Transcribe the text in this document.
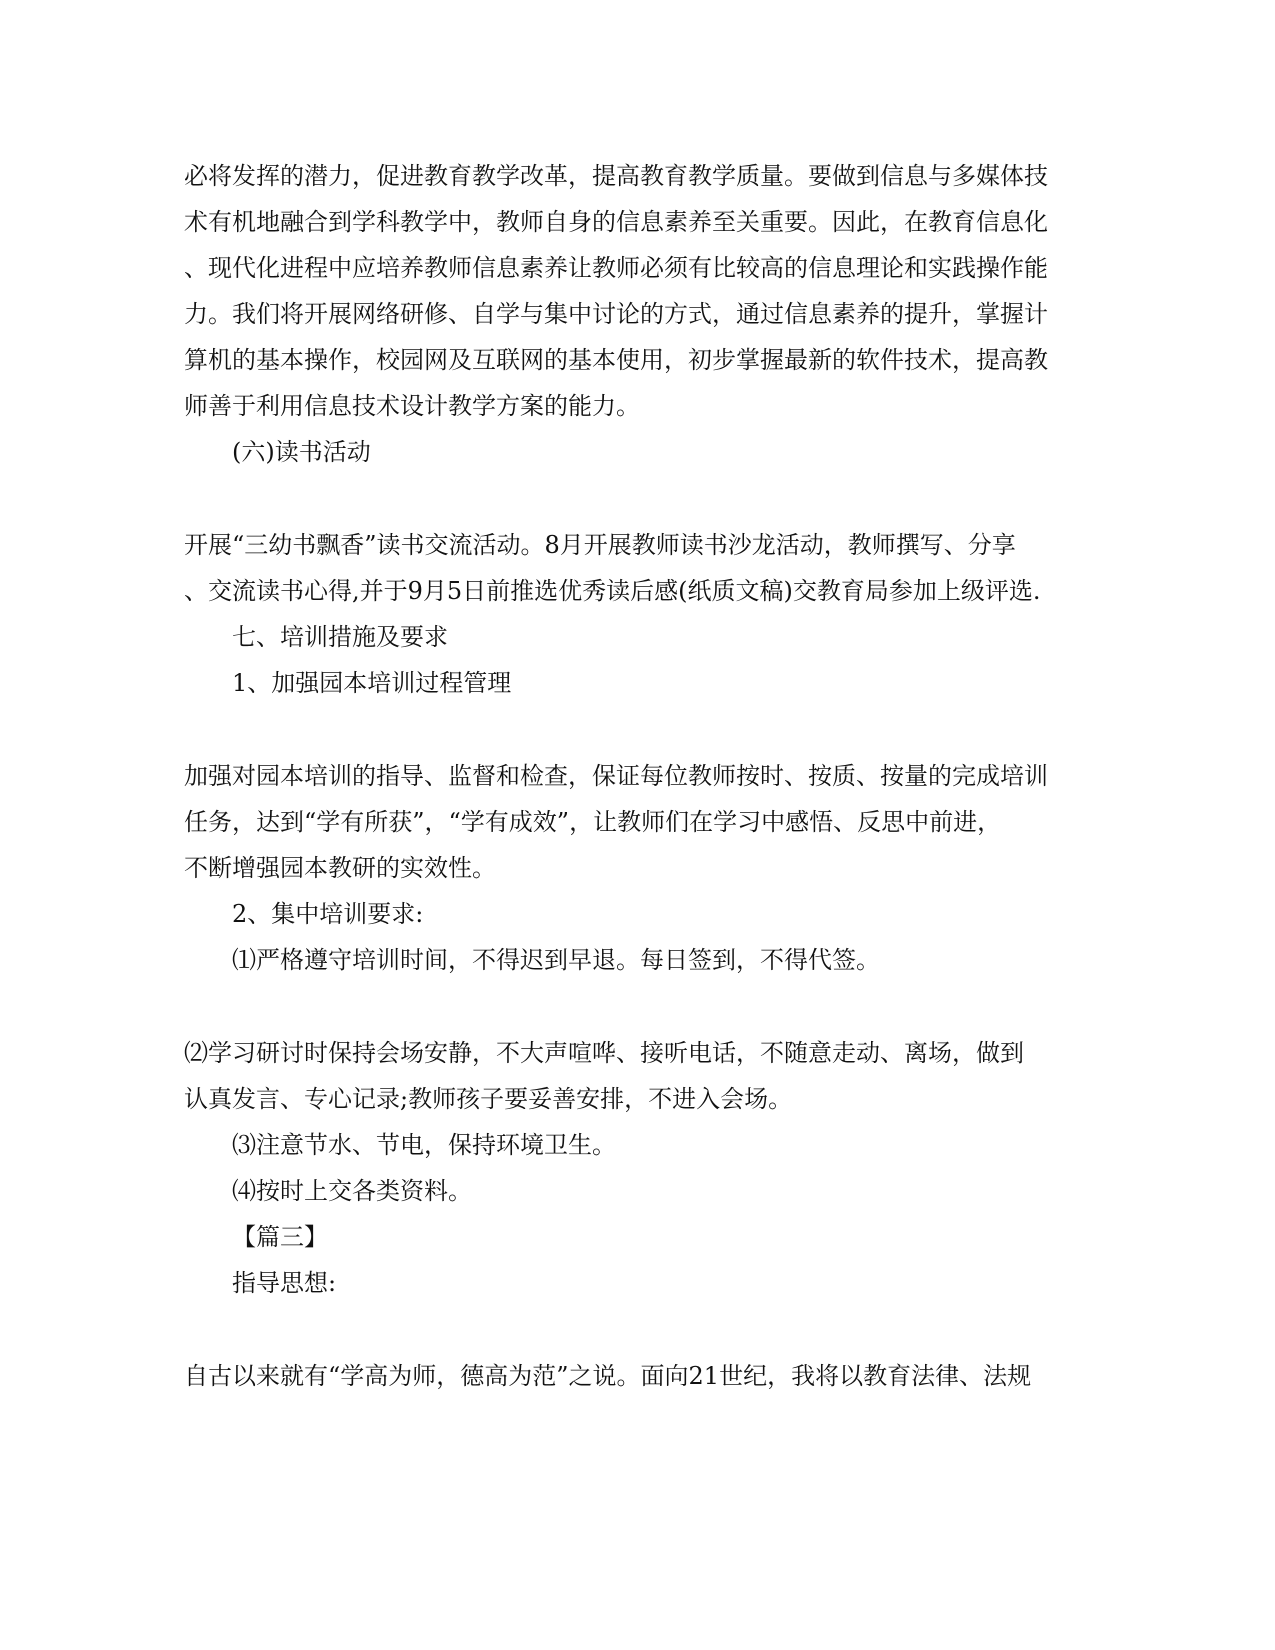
必将发挥的潜力，促进教育教学改革，提高教育教学质量。要做到信息与多媒体技
术有机地融合到学科教学中，教师自身的信息素养至关重要。因此，在教育信息化
、现代化进程中应培养教师信息素养让教师必须有比较高的信息理论和实践操作能
力。我们将开展网络研修、自学与集中讨论的方式，通过信息素养的提升，掌握计
算机的基本操作，校园网及互联网的基本使用，初步掌握最新的软件技术，提高教
师善于利用信息技术设计教学方案的能力。
(六)读书活动
开展“三幼书飘香”读书交流活动。8月开展教师读书沙龙活动，教师撰写、分享
、交流读书心得,并于9月5日前推选优秀读后感(纸质文稿)交教育局参加上级评选.
七、培训措施及要求
1、加强园本培训过程管理
加强对园本培训的指导、监督和检查，保证每位教师按时、按质、按量的完成培训
任务，达到“学有所获”，“学有成效”，让教师们在学习中感悟、反思中前进，
不断增强园本教研的实效性。
2、集中培训要求:
⑴严格遵守培训时间，不得迟到早退。每日签到，不得代签。
⑵学习研讨时保持会场安静，不大声喧哗、接听电话，不随意走动、离场，做到
认真发言、专心记录;教师孩子要妥善安排，不进入会场。
⑶注意节水、节电，保持环境卫生。
⑷按时上交各类资料。
【篇三】
指导思想:
自古以来就有“学高为师，德高为范”之说。面向21世纪，我将以教育法律、法规
